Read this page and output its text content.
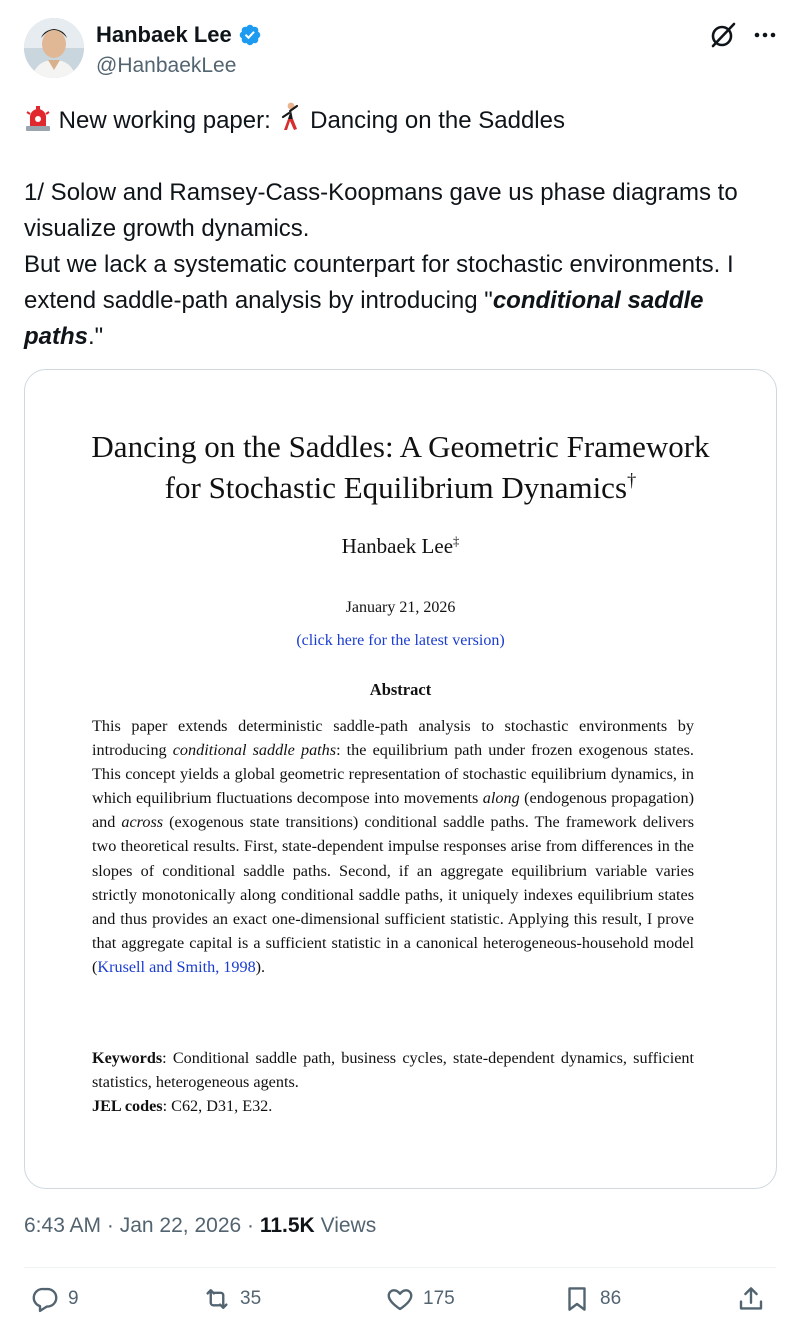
Hanbaek Lee
@HanbaekLee

New working paper: Dancing on the Saddles

1/ Solow and Ramsey-Cass-Koopmans gave us phase diagrams to visualize growth dynamics.

But we lack a systematic counterpart for stochastic environments. I extend saddle-path analysis by introducing "conditional saddle paths."

Dancing on the Saddles: A Geometric Framework
for Stochastic Equilibrium Dynamics†
Hanbaek Lee‡
January 21, 2026
(click here for the latest version)
Abstract
This paper extends deterministic saddle-path analysis to stochastic environments by introducing conditional saddle paths: the equilibrium path under frozen exogenous states. This concept yields a global geometric representation of stochastic equilibrium dynamics, in which equilibrium fluctuations decompose into movements along (endogenous propagation) and across (exogenous state transitions) conditional saddle paths. The framework delivers two theoretical results. First, state-dependent impulse responses arise from differences in the slopes of conditional saddle paths. Second, if an aggregate equilibrium variable varies strictly monotonically along conditional saddle paths, it uniquely indexes equilibrium states and thus provides an exact one-dimensional sufficient statistic. Applying this result, I prove that aggregate capital is a sufficient statistic in a canonical heterogeneous-household model (Krusell and Smith, 1998).
Keywords: Conditional saddle path, business cycles, state-dependent dynamics, sufficient statistics, heterogeneous agents.
JEL codes: C62, D31, E32.
6:43 AM · Jan 22, 2026 · 11.5K Views
9	35	175	86
